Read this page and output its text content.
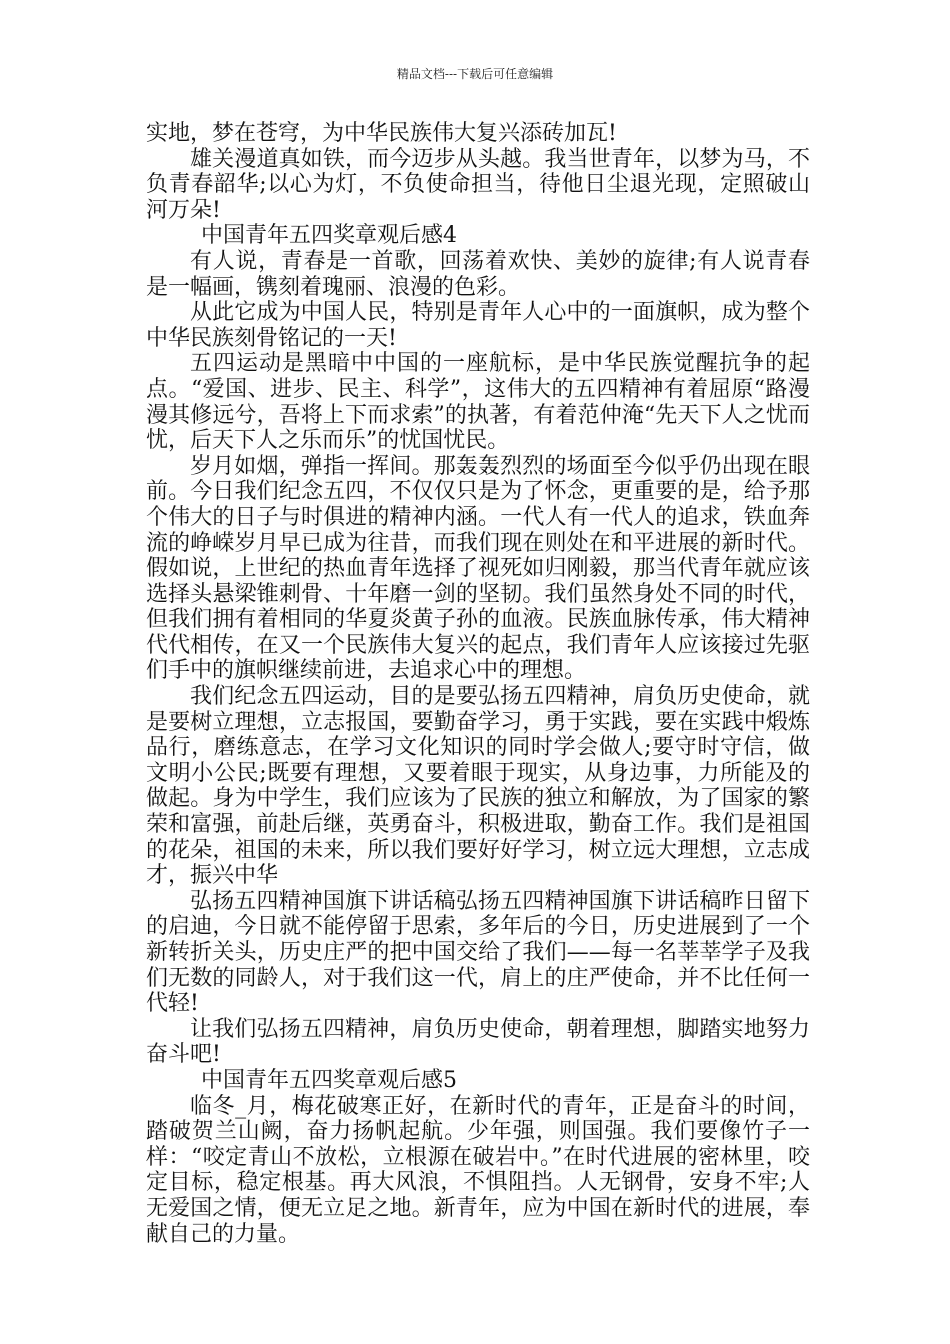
精品文档---下载后可任意编辑

实地，梦在苍穹，为中华民族伟大复兴添砖加瓦!

雄关漫道真如铁，而今迈步从头越。我当世青年，以梦为马，不负青春韶华;以心为灯，不负使命担当，待他日尘退光现，定照破山河万朵!

中国青年五四奖章观后感4

有人说，青春是一首歌，回荡着欢快、美妙的旋律;有人说青春是一幅画，镌刻着瑰丽、浪漫的色彩。

从此它成为中国人民，特别是青年人心中的一面旗帜，成为整个中华民族刻骨铭记的一天!

五四运动是黑暗中中国的一座航标，是中华民族觉醒抗争的起点。“爱国、进步、民主、科学”，这伟大的五四精神有着屈原“路漫漫其修远兮，吾将上下而求索”的执著，有着范仲淹“先天下人之忧而忧，后天下人之乐而乐”的忧国忧民。

岁月如烟，弹指一挥间。那轰轰烈烈的场面至今似乎仍出现在眼前。今日我们纪念五四，不仅仅只是为了怀念，更重要的是，给予那个伟大的日子与时俱进的精神内涵。一代人有一代人的追求，铁血奔流的峥嵘岁月早已成为往昔，而我们现在则处在和平进展的新时代。假如说，上世纪的热血青年选择了视死如归刚毅，那当代青年就应该选择头悬梁锥刺骨、十年磨一剑的坚韧。我们虽然身处不同的时代，但我们拥有着相同的华夏炎黄子孙的血液。民族血脉传承，伟大精神代代相传，在又一个民族伟大复兴的起点，我们青年人应该接过先驱们手中的旗帜继续前进，去追求心中的理想。

我们纪念五四运动，目的是要弘扬五四精神，肩负历史使命，就是要树立理想，立志报国，要勤奋学习，勇于实践，要在实践中煅炼品行，磨练意志，在学习文化知识的同时学会做人;要守时守信，做文明小公民;既要有理想，又要着眼于现实，从身边事，力所能及的做起。身为中学生，我们应该为了民族的独立和解放，为了国家的繁荣和富强，前赴后继，英勇奋斗，积极进取，勤奋工作。我们是祖国的花朵，祖国的未来，所以我们要好好学习，树立远大理想，立志成才，振兴中华

弘扬五四精神国旗下讲话稿弘扬五四精神国旗下讲话稿昨日留下的启迪，今日就不能停留于思索，多年后的今日，历史进展到了一个新转折关头，历史庄严的把中国交给了我们——每一名莘莘学子及我们无数的同龄人，对于我们这一代，肩上的庄严使命，并不比任何一代轻!

让我们弘扬五四精神，肩负历史使命，朝着理想，脚踏实地努力奋斗吧!

中国青年五四奖章观后感5

临冬_月，梅花破寒正好，在新时代的青年，正是奋斗的时间，踏破贺兰山阙，奋力扬帆起航。少年强，则国强。我们要像竹子一样：“咬定青山不放松，立根源在破岩中。”在时代进展的密林里，咬定目标，稳定根基。再大风浪，不惧阻挡。人无钢骨，安身不牢;人无爱国之情，便无立足之地。新青年，应为中国在新时代的进展，奉献自己的力量。
